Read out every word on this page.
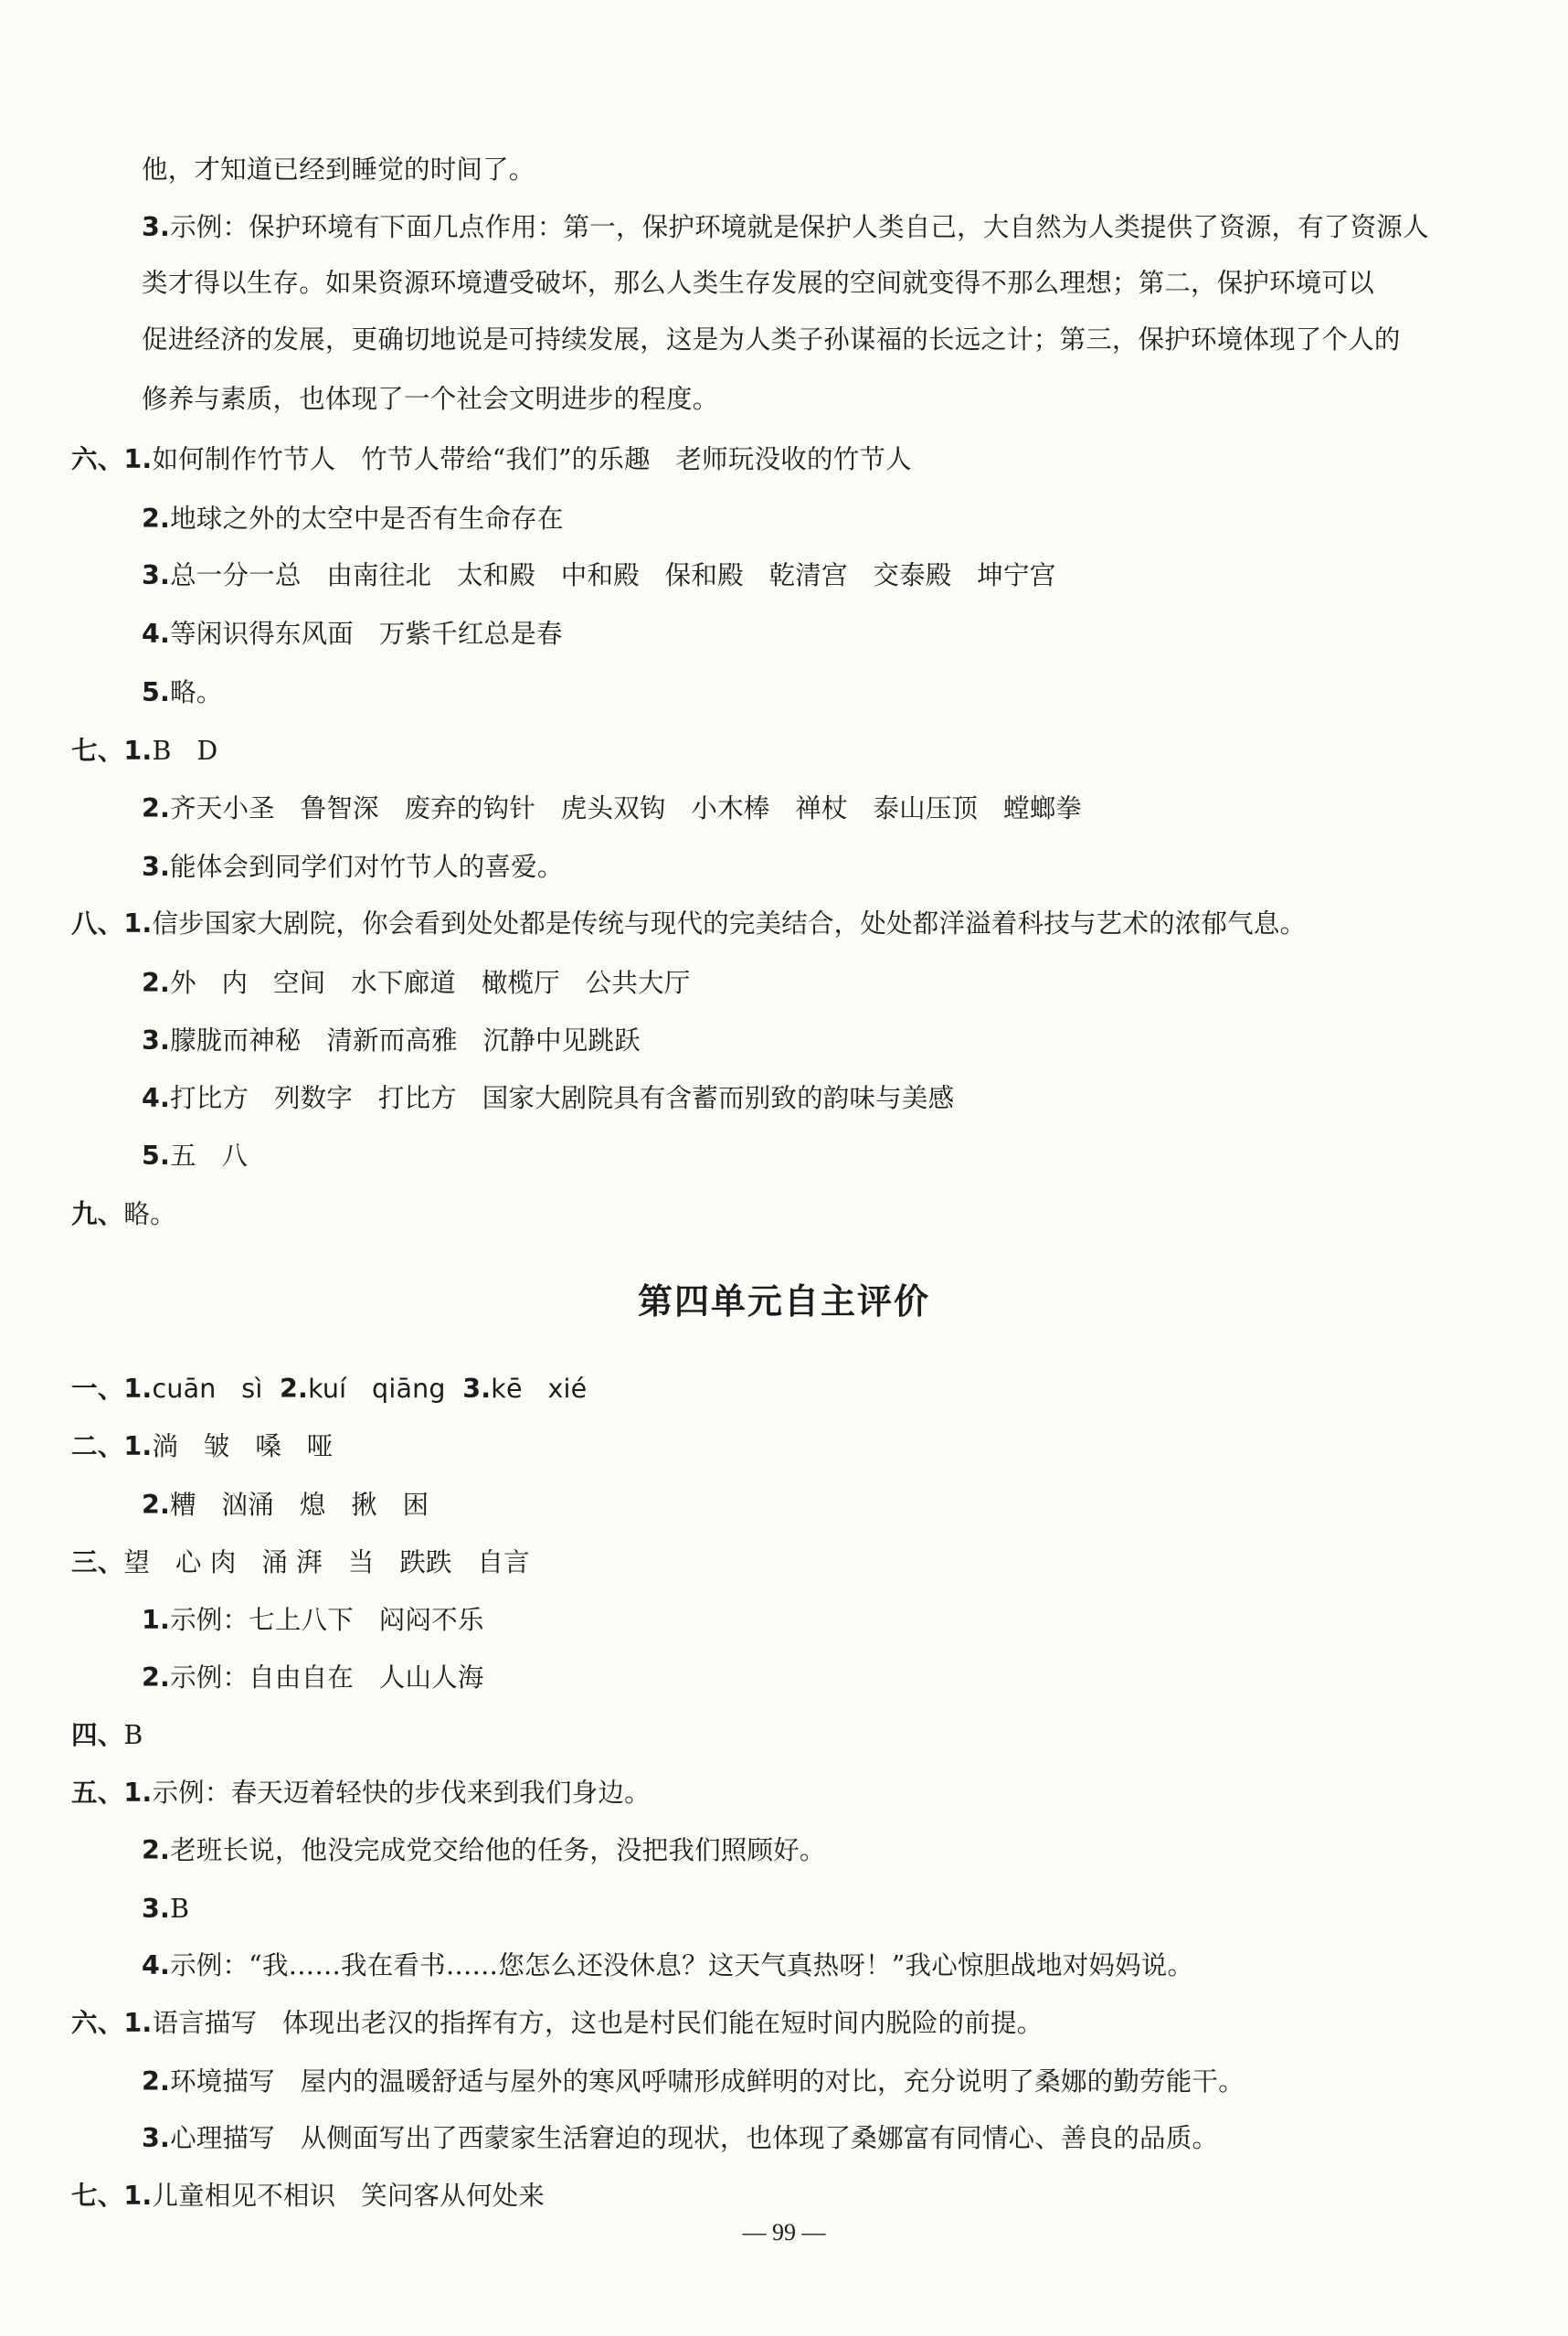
他，才知道已经到睡觉的时间了。
3.示例：保护环境有下面几点作用：第一，保护环境就是保护人类自己，大自然为人类提供了资源，有了资源人
类才得以生存。如果资源环境遭受破坏，那么人类生存发展的空间就变得不那么理想；第二，保护环境可以
促进经济的发展，更确切地说是可持续发展，这是为人类子孙谋福的长远之计；第三，保护环境体现了个人的
修养与素质，也体现了一个社会文明进步的程度。
六、1.如何制作竹节人   竹节人带给“我们”的乐趣   老师玩没收的竹节人
2.地球之外的太空中是否有生命存在
3.总一分一总   由南往北   太和殿   中和殿   保和殿   乾清宫   交泰殿   坤宁宫
4.等闲识得东风面   万紫千红总是春
5.略。
七、1.B   D
2.齐天小圣   鲁智深   废弃的钩针   虎头双钩   小木棒   禅杖   泰山压顶   螳螂拳
3.能体会到同学们对竹节人的喜爱。
八、1.信步国家大剧院，你会看到处处都是传统与现代的完美结合，处处都洋溢着科技与艺术的浓郁气息。
2.外   内   空间   水下廊道   橄榄厅   公共大厅
3.朦胧而神秘   清新而高雅   沉静中见跳跃
4.打比方   列数字   打比方   国家大剧院具有含蓄而别致的韵味与美感
5.五   八
九、略。
第四单元自主评价
一、1.cuān   sì  2.kuí   qiāng  3.kē   xié
二、1.淌   皱   嗓   哑
2.糟   汹涌   熄   揪   困
三、望   心 肉   涌 湃   当   跌跌   自言
1.示例：七上八下   闷闷不乐
2.示例：自由自在   人山人海
四、B
五、1.示例：春天迈着轻快的步伐来到我们身边。
2.老班长说，他没完成党交给他的任务，没把我们照顾好。
3.B
4.示例：“我……我在看书……您怎么还没休息？这天气真热呀！”我心惊胆战地对妈妈说。
六、1.语言描写   体现出老汉的指挥有方，这也是村民们能在短时间内脱险的前提。
2.环境描写   屋内的温暖舒适与屋外的寒风呼啸形成鲜明的对比，充分说明了桑娜的勤劳能干。
3.心理描写   从侧面写出了西蒙家生活窘迫的现状，也体现了桑娜富有同情心、善良的品质。
七、1.儿童相见不相识   笑问客从何处来
— 99 —
